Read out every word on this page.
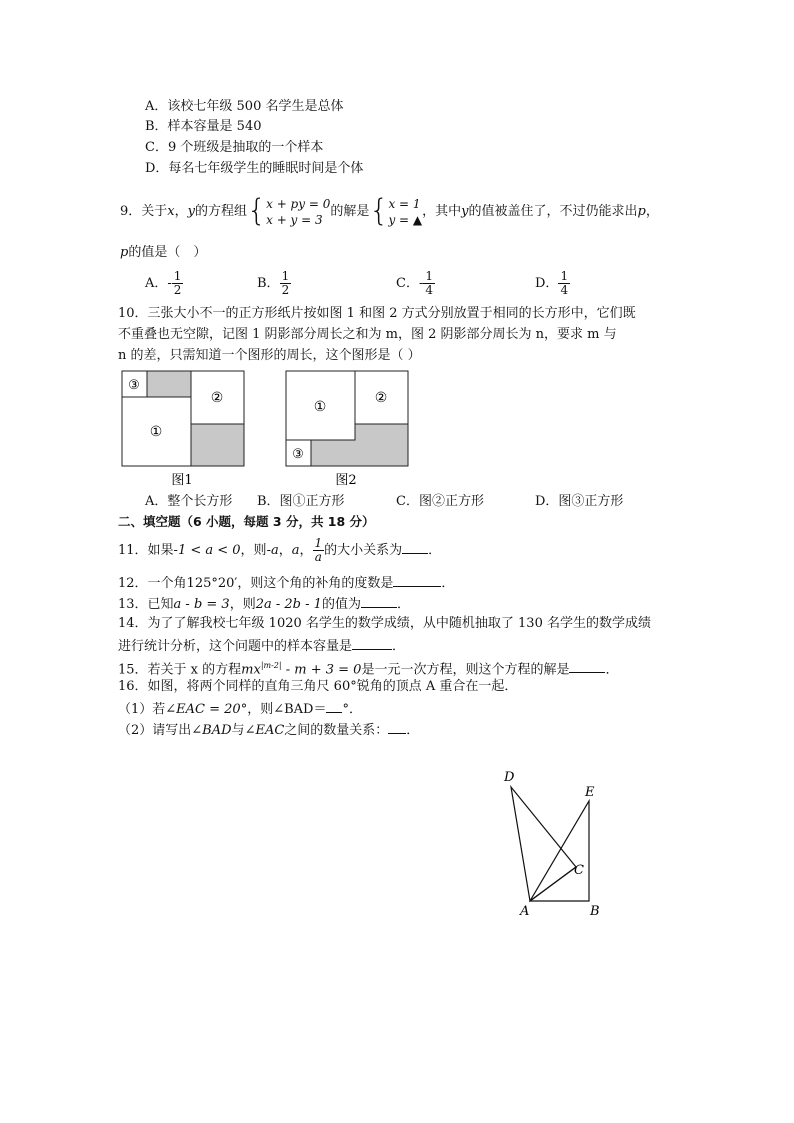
A．该校七年级 500 名学生是总体
B．样本容量是 540
C．9 个班级是抽取的一个样本
D．每名七年级学生的睡眠时间是个体
9．关于x，y的方程组{ x + py = 0
x + y = 3
的解是{ x = 1
y = ▲
，其中y的值被盖住了，不过仍能求出p，
p的值是（　）
A．- $\frac{1}{2}$	B． $\frac{1}{2}$	C．- $\frac{1}{4}$	D． $\frac{1}{4}$
10．三张大小不一的正方形纸片按如图 1 和图 2 方式分别放置于相同的长方形中，它们既
不重叠也无空隙，记图 1 阴影部分周长之和为 m，图 2 阴影部分周长为 n，要求 m 与
n 的差，只需知道一个图形的周长，这个图形是（ ）
③
②
①
图1
①
②
③
图2
A．整个长方形 B．图①正方形	C．图②正方形	D．图③正方形
二、填空题（6 小题，每题 3 分，共 18 分）
11．如果-1 < a < 0，则-a，a， $\frac{1}{a}$ 的大小关系为 ．
12．一个角125°20′，则这个角的补角的度数是	．
13．已知a - b = 3，则2a - 2b - 1的值为	．
14．为了了解我校七年级 1020 名学生的数学成绩，从中随机抽取了 130 名学生的数学成绩
进行统计分析，这个问题中的样本容量是	．
15．若关于 x 的方程$mx^{|m-2|} - m + 3 = 0$是一元一次方程，则这个方程的解是	．
16．如图，将两个同样的直角三角尺 60°锐角的顶点 A 重合在一起．
（1）若∠EAC = 20°，则∠BAD＝ °．
（2）请写出∠BAD与∠EAC之间的数量关系： ．
D
E
C
A	B
